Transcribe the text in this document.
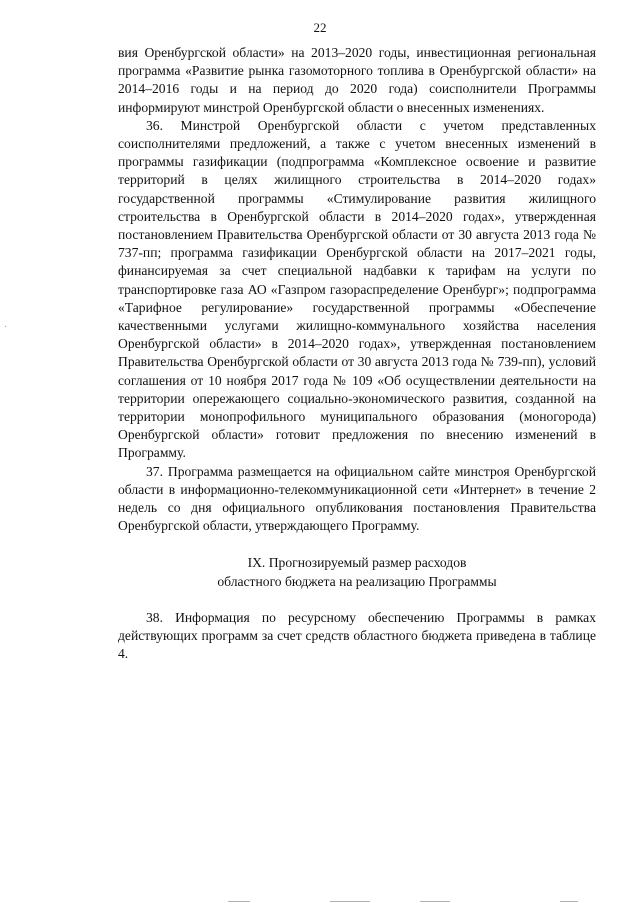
22
·

вия Оренбургской области» на 2013–2020 годы, инвестиционная региональная программа «Развитие рынка газомоторного топлива в Оренбургской области» на 2014–2016 годы и на период до 2020 года) соисполнители Программы информируют минстрой Оренбургской области о внесенных изменениях.

36. Минстрой Оренбургской области с учетом представленных соисполнителями предложений, а также с учетом внесенных изменений в программы газификации (подпрограмма «Комплексное освоение и развитие территорий в целях жилищного строительства в 2014–2020 годах» государственной программы «Стимулирование развития жилищного строительства в Оренбургской области в 2014–2020 годах», утвержденная постановлением Правительства Оренбургской области от 30 августа 2013 года № 737-пп; программа газификации Оренбургской области на 2017–2021 годы, финансируемая за счет специальной надбавки к тарифам на услуги по транспортировке газа АО «Газпром газораспределение Оренбург»; подпрограмма «Тарифное регулирование» государственной программы «Обеспечение качественными услугами жилищно-коммунального хозяйства населения Оренбургской области» в 2014–2020 годах», утвержденная постановлением Правительства Оренбургской области от 30 августа 2013 года № 739-пп), условий соглашения от 10 ноября 2017 года № 109 «Об осуществлении деятельности на территории опережающего социально-экономического развития, созданной на территории монопрофильного муниципального образования (моногорода) Оренбургской области» готовит предложения по внесению изменений в Программу.

37. Программа размещается на официальном сайте минстроя Оренбургской области в информационно-телекоммуникационной сети «Интернет» в течение 2 недель со дня официального опубликования постановления Правительства Оренбургской области, утверждающего Программу.

IX. Прогнозируемый размер расходов
областного бюджета на реализацию Программы

38. Информация по ресурсному обеспечению Программы в рамках действующих программ за счет средств областного бюджета приведена в таблице 4.
